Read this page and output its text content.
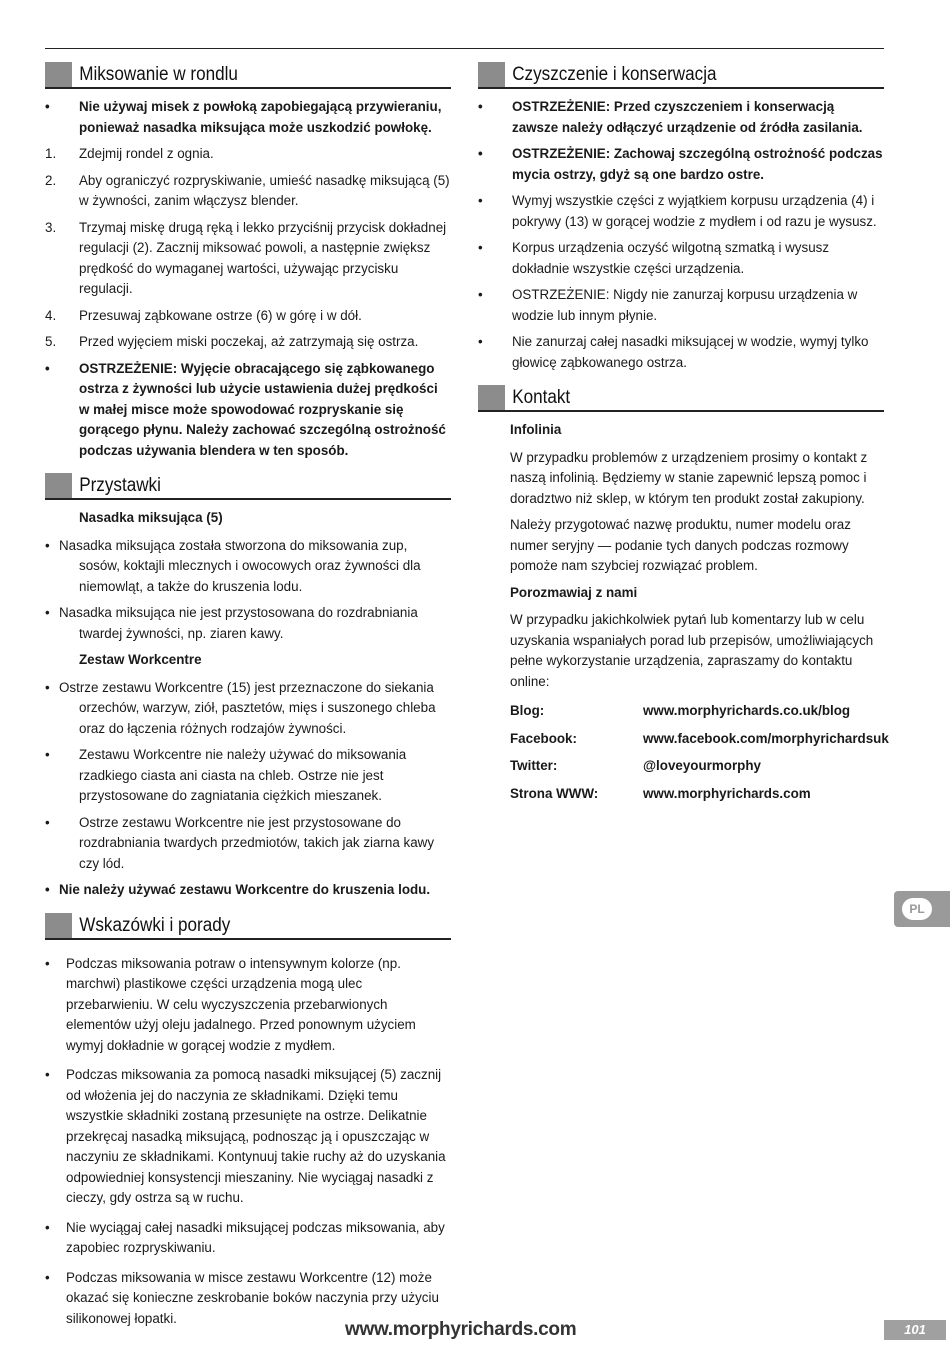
Miksowanie w rondlu
•	Nie używaj misek z powłoką zapobiegającą przywieraniu, ponieważ nasadka miksująca może uszkodzić powłokę.
1.	Zdejmij rondel z ognia.
2.	Aby ograniczyć rozpryskiwanie, umieść nasadkę miksującą (5) w żywności, zanim włączysz blender.
3.	Trzymaj miskę drugą ręką i lekko przyciśnij przycisk dokładnej regulacji (2). Zacznij miksować powoli, a następnie zwiększ prędkość do wymaganej wartości, używając przycisku regulacji.
4.	Przesuwaj ząbkowane ostrze (6) w górę i w dół.
5.	Przed wyjęciem miski poczekaj, aż zatrzymają się ostrza.
•	OSTRZEŻENIE: Wyjęcie obracającego się ząbkowanego ostrza z żywności lub użycie ustawienia dużej prędkości w małej misce może spowodować rozpryskanie się gorącego płynu. Należy zachować szczególną ostrożność podczas używania blendera w ten sposób.
Przystawki
Nasadka miksująca (5)
• Nasadka miksująca została stworzona do miksowania zup, sosów, koktajli mlecznych i owocowych oraz żywności dla niemowląt, a także do kruszenia lodu.
• Nasadka miksująca nie jest przystosowana do rozdrabniania twardej żywności, np. ziaren kawy.
Zestaw Workcentre
• Ostrze zestawu Workcentre (15) jest przeznaczone do siekania orzechów, warzyw, ziół, pasztetów, mięs i suszonego chleba oraz do łączenia różnych rodzajów żywności.
•	Zestawu Workcentre nie należy używać do miksowania rzadkiego ciasta ani ciasta na chleb. Ostrze nie jest przystosowane do zagniatania ciężkich mieszanek.
•	Ostrze zestawu Workcentre nie jest przystosowane do rozdrabniania twardych przedmiotów, takich jak ziarna kawy czy lód.
• Nie należy używać zestawu Workcentre do kruszenia lodu.
Wskazówki i porady
•	Podczas miksowania potraw o intensywnym kolorze (np. marchwi) plastikowe części urządzenia mogą ulec przebarwieniu. W celu wyczyszczenia przebarwionych elementów użyj oleju jadalnego. Przed ponownym użyciem wymyj dokładnie w gorącej wodzie z mydłem.
•	Podczas miksowania za pomocą nasadki miksującej (5) zacznij od włożenia jej do naczynia ze składnikami. Dzięki temu wszystkie składniki zostaną przesunięte na ostrze. Delikatnie przekręcaj nasadką miksującą, podnosząc ją i opuszczając w naczyniu ze składnikami. Kontynuuj takie ruchy aż do uzyskania odpowiedniej konsystencji mieszaniny. Nie wyciągaj nasadki z cieczy, gdy ostrza są w ruchu.
•	Nie wyciągaj całej nasadki miksującej podczas miksowania, aby zapobiec rozpryskiwaniu.
•	Podczas miksowania w misce zestawu Workcentre (12) może okazać się konieczne zeskrobanie boków naczynia przy użyciu silikonowej łopatki.
Czyszczenie i konserwacja
•	OSTRZEŻENIE: Przed czyszczeniem i konserwacją zawsze należy odłączyć urządzenie od źródła zasilania.
•	OSTRZEŻENIE: Zachowaj szczególną ostrożność podczas mycia ostrzy, gdyż są one bardzo ostre.
•	Wymyj wszystkie części z wyjątkiem korpusu urządzenia (4) i pokrywy (13) w gorącej wodzie z mydłem i od razu je wysusz.
•	Korpus urządzenia oczyść wilgotną szmatką i wysusz dokładnie wszystkie części urządzenia.
•	OSTRZEŻENIE: Nigdy nie zanurzaj korpusu urządzenia w wodzie lub innym płynie.
•	Nie zanurzaj całej nasadki miksującej w wodzie, wymyj tylko głowicę ząbkowanego ostrza.
Kontakt
Infolinia
W przypadku problemów z urządzeniem prosimy o kontakt z naszą infolinią. Będziemy w stanie zapewnić lepszą pomoc i doradztwo niż sklep, w którym ten produkt został zakupiony.
Należy przygotować nazwę produktu, numer modelu oraz numer seryjny — podanie tych danych podczas rozmowy pomoże nam szybciej rozwiązać problem.
Porozmawiaj z nami
W przypadku jakichkolwiek pytań lub komentarzy lub w celu uzyskania wspaniałych porad lub przepisów, umożliwiających pełne wykorzystanie urządzenia, zapraszamy do kontaktu online:
Blog:	www.morphyrichards.co.uk/blog
Facebook:	www.facebook.com/morphyrichardsuk
Twitter:	@loveyourmorphy
Strona WWW:	www.morphyrichards.com
PL
www.morphyrichards.com	101
